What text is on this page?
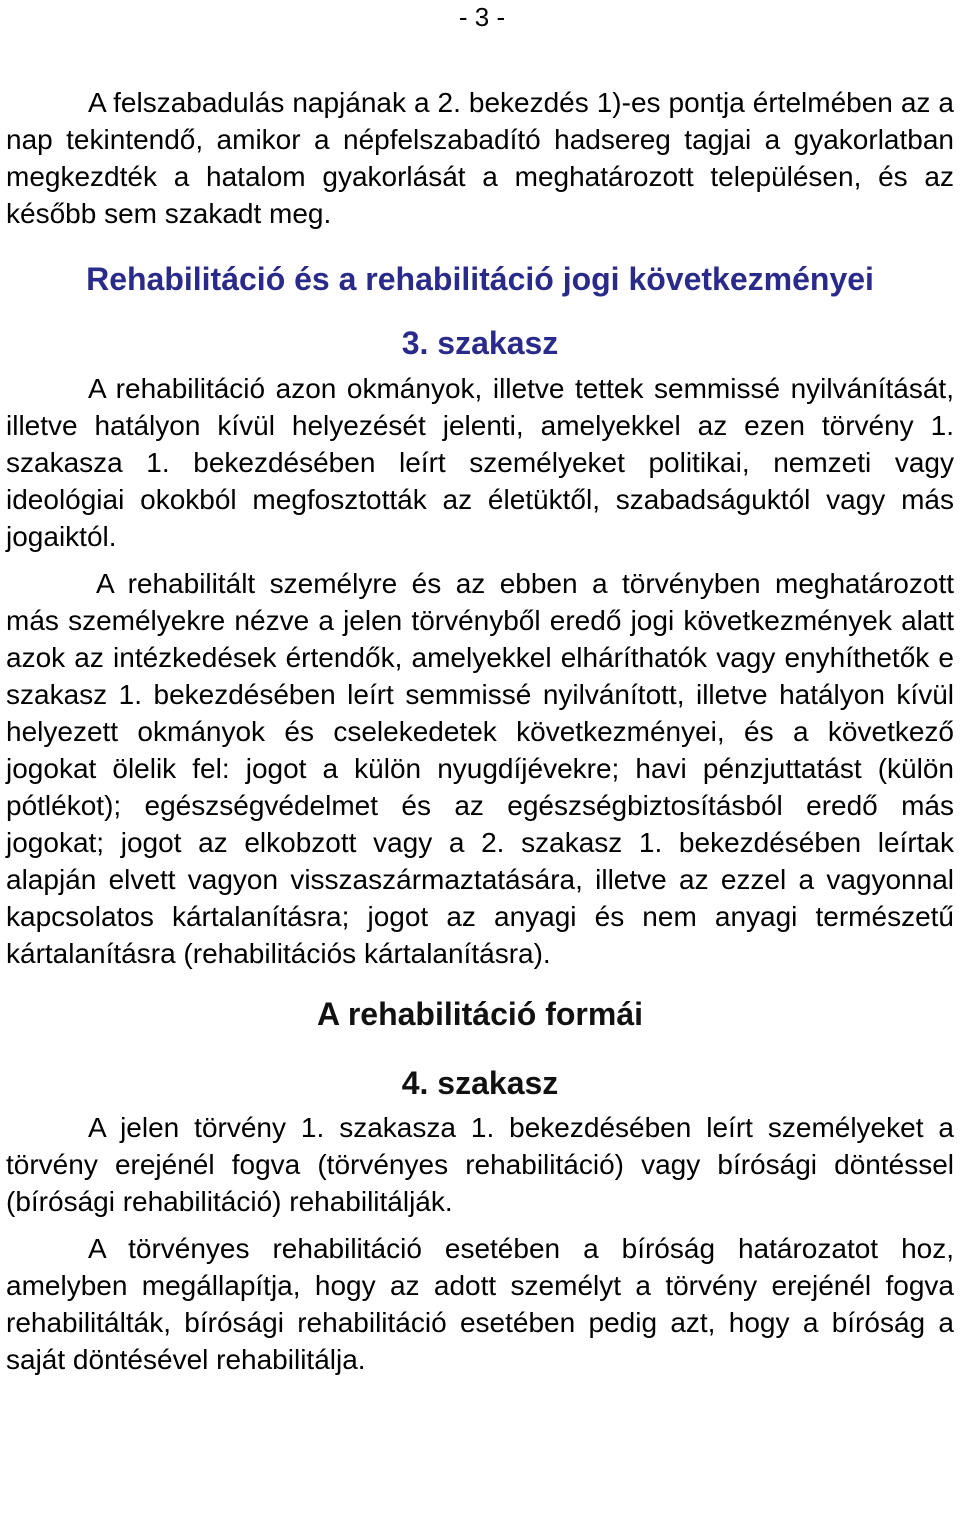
- 3 -

A felszabadulás napjának a 2. bekezdés 1)-es pontja értelmében az a nap tekintendő, amikor a népfelszabadító hadsereg tagjai a gyakorlatban megkezdték a hatalom gyakorlását a meghatározott településen, és az később sem szakadt meg.

Rehabilitáció és a rehabilitáció jogi következményei
3. szakasz

A rehabilitáció azon okmányok, illetve tettek semmissé nyilvánítását, illetve hatályon kívül helyezését jelenti, amelyekkel az ezen törvény 1. szakasza 1. bekezdésében leírt személyeket politikai, nemzeti vagy ideológiai okokból megfosztották az életüktől, szabadságuktól vagy más jogaiktól.

A rehabilitált személyre és az ebben a törvényben meghatározott más személyekre nézve a jelen törvényből eredő jogi következmények alatt azok az intézkedések értendők, amelyekkel elháríthatók vagy enyhíthetők e szakasz 1. bekezdésében leírt semmissé nyilvánított, illetve hatályon kívül helyezett okmányok és cselekedetek következményei, és a következő jogokat ölelik fel: jogot a külön nyugdíjévekre; havi pénzjuttatást (külön pótlékot); egészségvédelmet és az egészségbiztosításból eredő más jogokat; jogot az elkobzott vagy a 2. szakasz 1. bekezdésében leírtak alapján elvett vagyon visszaszármaztatására, illetve az ezzel a vagyonnal kapcsolatos kártalanításra; jogot az anyagi és nem anyagi természetű kártalanításra (rehabilitációs kártalanításra).

A rehabilitáció formái
4. szakasz

A jelen törvény 1. szakasza 1. bekezdésében leírt személyeket a törvény erejénél fogva (törvényes rehabilitáció) vagy bírósági döntéssel (bírósági rehabilitáció) rehabilitálják.

A törvényes rehabilitáció esetében a bíróság határozatot hoz, amelyben megállapítja, hogy az adott személyt a törvény erejénél fogva rehabilitálták, bírósági rehabilitáció esetében pedig azt, hogy a bíróság a saját döntésével rehabilitálja.
